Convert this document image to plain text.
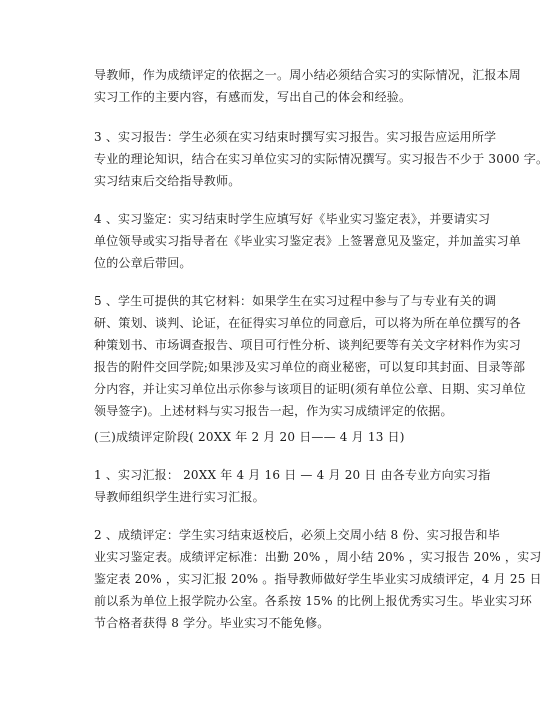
导教师，作为成绩评定的依据之一。周小结必须结合实习的实际情况，汇报本周
实习工作的主要内容，有感而发，写出自己的体会和经验。
3 、实习报告：学生必须在实习结束时撰写实习报告。实习报告应运用所学
专业的理论知识，结合在实习单位实习的实际情况撰写。实习报告不少于 3000 字。
实习结束后交给指导教师。
4 、实习鉴定：实习结束时学生应填写好《毕业实习鉴定表》，并要请实习
单位领导或实习指导者在《毕业实习鉴定表》上签署意见及鉴定，并加盖实习单
位的公章后带回。
5 、学生可提供的其它材料：如果学生在实习过程中参与了与专业有关的调
研、策划、谈判、论证，在征得实习单位的同意后，可以将为所在单位撰写的各
种策划书、市场调查报告、项目可行性分析、谈判纪要等有关文字材料作为实习
报告的附件交回学院;如果涉及实习单位的商业秘密，可以复印其封面、目录等部
分内容，并让实习单位出示你参与该项目的证明(须有单位公章、日期、实习单位
领导签字)。上述材料与实习报告一起，作为实习成绩评定的依据。
(三)成绩评定阶段( 20XX 年 2 月 20 日—— 4 月 13 日)
1 、实习汇报： 20XX 年 4 月 16 日 — 4 月 20 日 由各专业方向实习指
导教师组织学生进行实习汇报。
2 、成绩评定：学生实习结束返校后，必须上交周小结 8 份、实习报告和毕
业实习鉴定表。成绩评定标准：出勤 20% ，周小结 20% ，实习报告 20% ，实习
鉴定表 20% ，实习汇报 20% 。指导教师做好学生毕业实习成绩评定，4 月 25 日
前以系为单位上报学院办公室。各系按 15% 的比例上报优秀实习生。毕业实习环
节合格者获得 8 学分。毕业实习不能免修。
